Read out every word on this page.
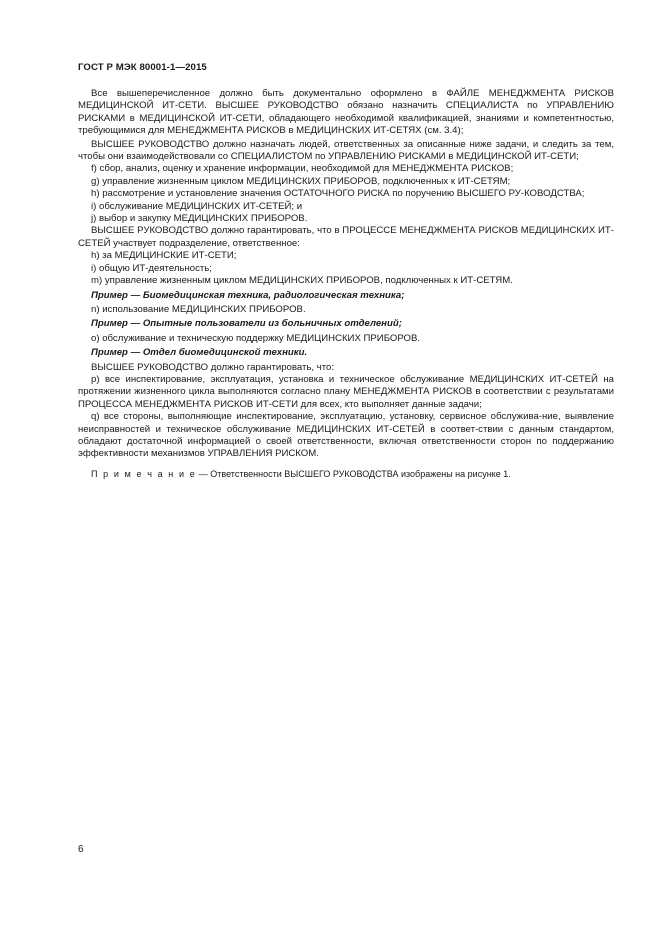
ГОСТ Р МЭК 80001-1—2015

Все вышеперечисленное должно быть документально оформлено в ФАЙЛЕ МЕНЕДЖМЕНТА РИСКОВ МЕДИЦИНСКОЙ ИТ-СЕТИ. ВЫСШЕЕ РУКОВОДСТВО обязано назначить СПЕЦИАЛИСТА по УПРАВЛЕНИЮ РИСКАМИ в МЕДИЦИНСКОЙ ИТ-СЕТИ, обладающего необходимой квалификацией, знаниями и компетентностью, требующимися для МЕНЕДЖМЕНТА РИСКОВ в МЕДИЦИНСКИХ ИТ-СЕТЯХ (см. 3.4);

ВЫСШЕЕ РУКОВОДСТВО должно назначать людей, ответственных за описанные ниже задачи, и следить за тем, чтобы они взаимодействовали со СПЕЦИАЛИСТОМ по УПРАВЛЕНИЮ РИСКАМИ в МЕДИЦИНСКОЙ ИТ-СЕТИ;

f) сбор, анализ, оценку и хранение информации, необходимой для МЕНЕДЖМЕНТА РИСКОВ;

g) управление жизненным циклом МЕДИЦИНСКИХ ПРИБОРОВ, подключенных к ИТ-СЕТЯМ;

h) рассмотрение и установление значения ОСТАТОЧНОГО РИСКА по поручению ВЫСШЕГО РУ-КОВОДСТВА;

i) обслуживание МЕДИЦИНСКИХ ИТ-СЕТЕЙ; и

j) выбор и закупку МЕДИЦИНСКИХ ПРИБОРОВ.

ВЫСШЕЕ РУКОВОДСТВО должно гарантировать, что в ПРОЦЕССЕ МЕНЕДЖМЕНТА РИСКОВ МЕДИЦИНСКИХ ИТ-СЕТЕЙ участвует подразделение, ответственное:

h) за МЕДИЦИНСКИЕ ИТ-СЕТИ;

i) общую ИТ-деятельность;

m) управление жизненным циклом МЕДИЦИНСКИХ ПРИБОРОВ, подключенных к ИТ-СЕТЯМ.

Пример — Биомедицинская техника, радиологическая техника;

n) использование МЕДИЦИНСКИХ ПРИБОРОВ.

Пример — Опытные пользователи из больничных отделений;

o) обслуживание и техническую поддержку МЕДИЦИНСКИХ ПРИБОРОВ.

Пример — Отдел биомедицинской техники.

ВЫСШЕЕ РУКОВОДСТВО должно гарантировать, что:

p) все инспектирование, эксплуатация, установка и техническое обслуживание МЕДИЦИНСКИХ ИТ-СЕТЕЙ на протяжении жизненного цикла выполняются согласно плану МЕНЕДЖМЕНТА РИСКОВ в соответствии с результатами ПРОЦЕССА МЕНЕДЖМЕНТА РИСКОВ ИТ-СЕТИ для всех, кто выполняет данные задачи;

q) все стороны, выполняющие инспектирование, эксплуатацию, установку, сервисное обслужива-ние, выявление неисправностей и техническое обслуживание МЕДИЦИНСКИХ ИТ-СЕТЕЙ в соответ-ствии с данным стандартом, обладают достаточной информацией о своей ответственности, включая ответственности сторон по поддержанию эффективности механизмов УПРАВЛЕНИЯ РИСКОМ.

П р и м е ч а н и е — Ответственности ВЫСШЕГО РУКОВОДСТВА изображены на рисунке 1.

6
